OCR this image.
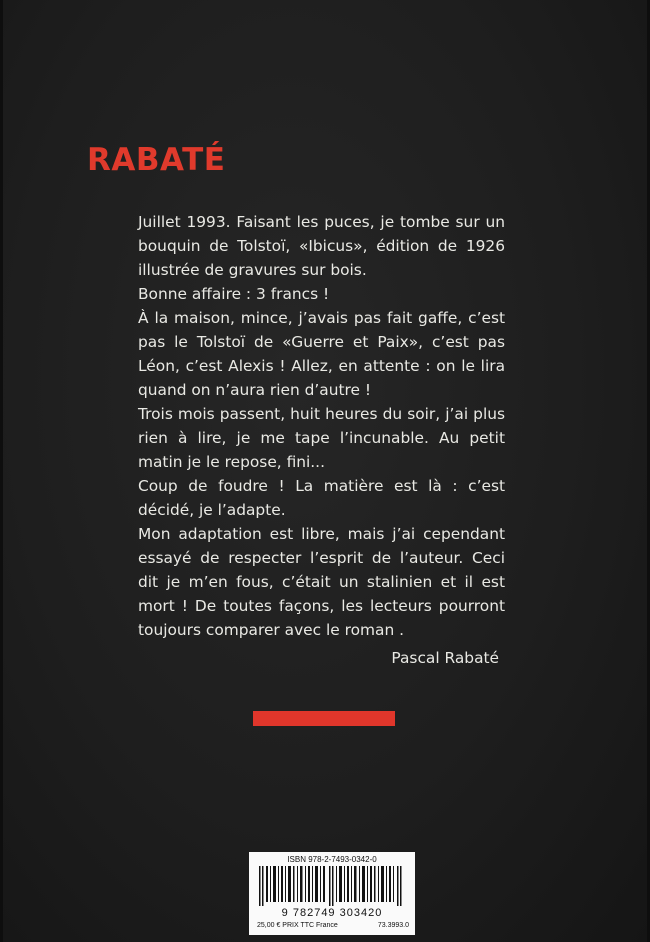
RABATÉ

Juillet 1993. Faisant les puces, je tombe sur un bouquin de Tolstoï, «Ibicus», édition de 1926 illustrée de gravures sur bois.

Bonne affaire : 3 francs !

À la maison, mince, j’avais pas fait gaffe, c’est pas le Tolstoï de «Guerre et Paix», c’est pas Léon, c’est Alexis ! Allez, en attente : on le lira quand on n’aura rien d’autre !

Trois mois passent, huit heures du soir, j’ai plus rien à lire, je me tape l’incunable. Au petit matin je le repose, fini...

Coup de foudre ! La matière est là : c’est décidé, je l’adapte.

Mon adaptation est libre, mais j’ai cependant essayé de respecter l’esprit de l’auteur. Ceci dit je m’en fous, c’était un stalinien et il est mort ! De toutes façons, les lecteurs pourront toujours comparer avec le roman .

Pascal Rabaté
ISBN 978-2-7493-0342-0
9 782749 303420
25,00 € PRIX TTC France	73.3993.0
